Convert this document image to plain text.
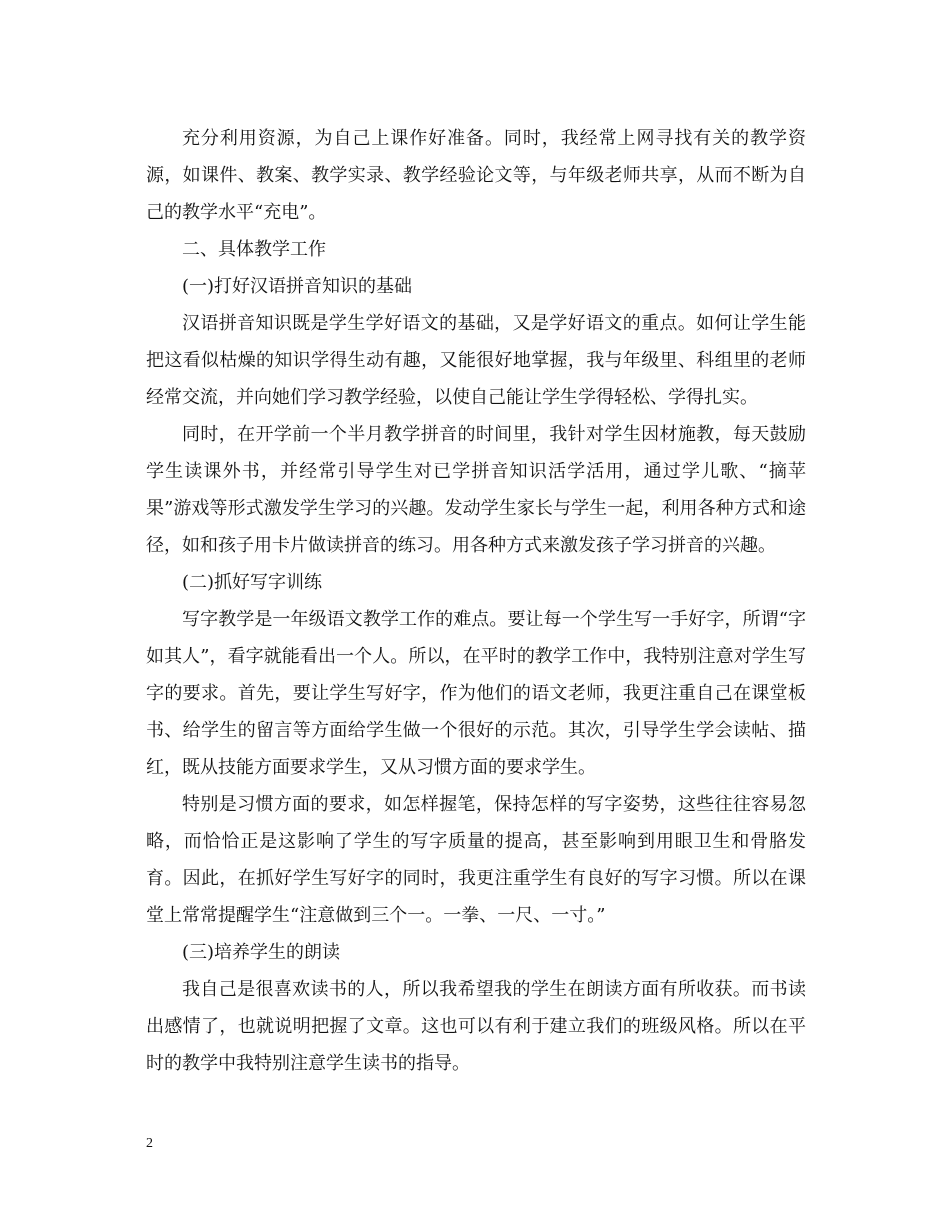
充分利用资源，为自己上课作好准备。同时，我经常上网寻找有关的教学资源，如课件、教案、教学实录、教学经验论文等，与年级老师共享，从而不断为自己的教学水平“充电”。

二、具体教学工作

(一)打好汉语拼音知识的基础

汉语拼音知识既是学生学好语文的基础，又是学好语文的重点。如何让学生能把这看似枯燥的知识学得生动有趣，又能很好地掌握，我与年级里、科组里的老师经常交流，并向她们学习教学经验，以使自己能让学生学得轻松、学得扎实。

同时，在开学前一个半月教学拼音的时间里，我针对学生因材施教，每天鼓励学生读课外书，并经常引导学生对已学拼音知识活学活用，通过学儿歌、“摘苹果”游戏等形式激发学生学习的兴趣。发动学生家长与学生一起，利用各种方式和途径，如和孩子用卡片做读拼音的练习。用各种方式来激发孩子学习拼音的兴趣。

(二)抓好写字训练

写字教学是一年级语文教学工作的难点。要让每一个学生写一手好字，所谓“字如其人”，看字就能看出一个人。所以，在平时的教学工作中，我特别注意对学生写字的要求。首先，要让学生写好字，作为他们的语文老师，我更注重自己在课堂板书、给学生的留言等方面给学生做一个很好的示范。其次，引导学生学会读帖、描红，既从技能方面要求学生，又从习惯方面的要求学生。

特别是习惯方面的要求，如怎样握笔，保持怎样的写字姿势，这些往往容易忽略，而恰恰正是这影响了学生的写字质量的提高，甚至影响到用眼卫生和骨胳发育。因此，在抓好学生写好字的同时，我更注重学生有良好的写字习惯。所以在课堂上常常提醒学生“注意做到三个一。一拳、一尺、一寸。”

(三)培养学生的朗读

我自己是很喜欢读书的人，所以我希望我的学生在朗读方面有所收获。而书读出感情了，也就说明把握了文章。这也可以有利于建立我们的班级风格。所以在平时的教学中我特别注意学生读书的指导。

2
